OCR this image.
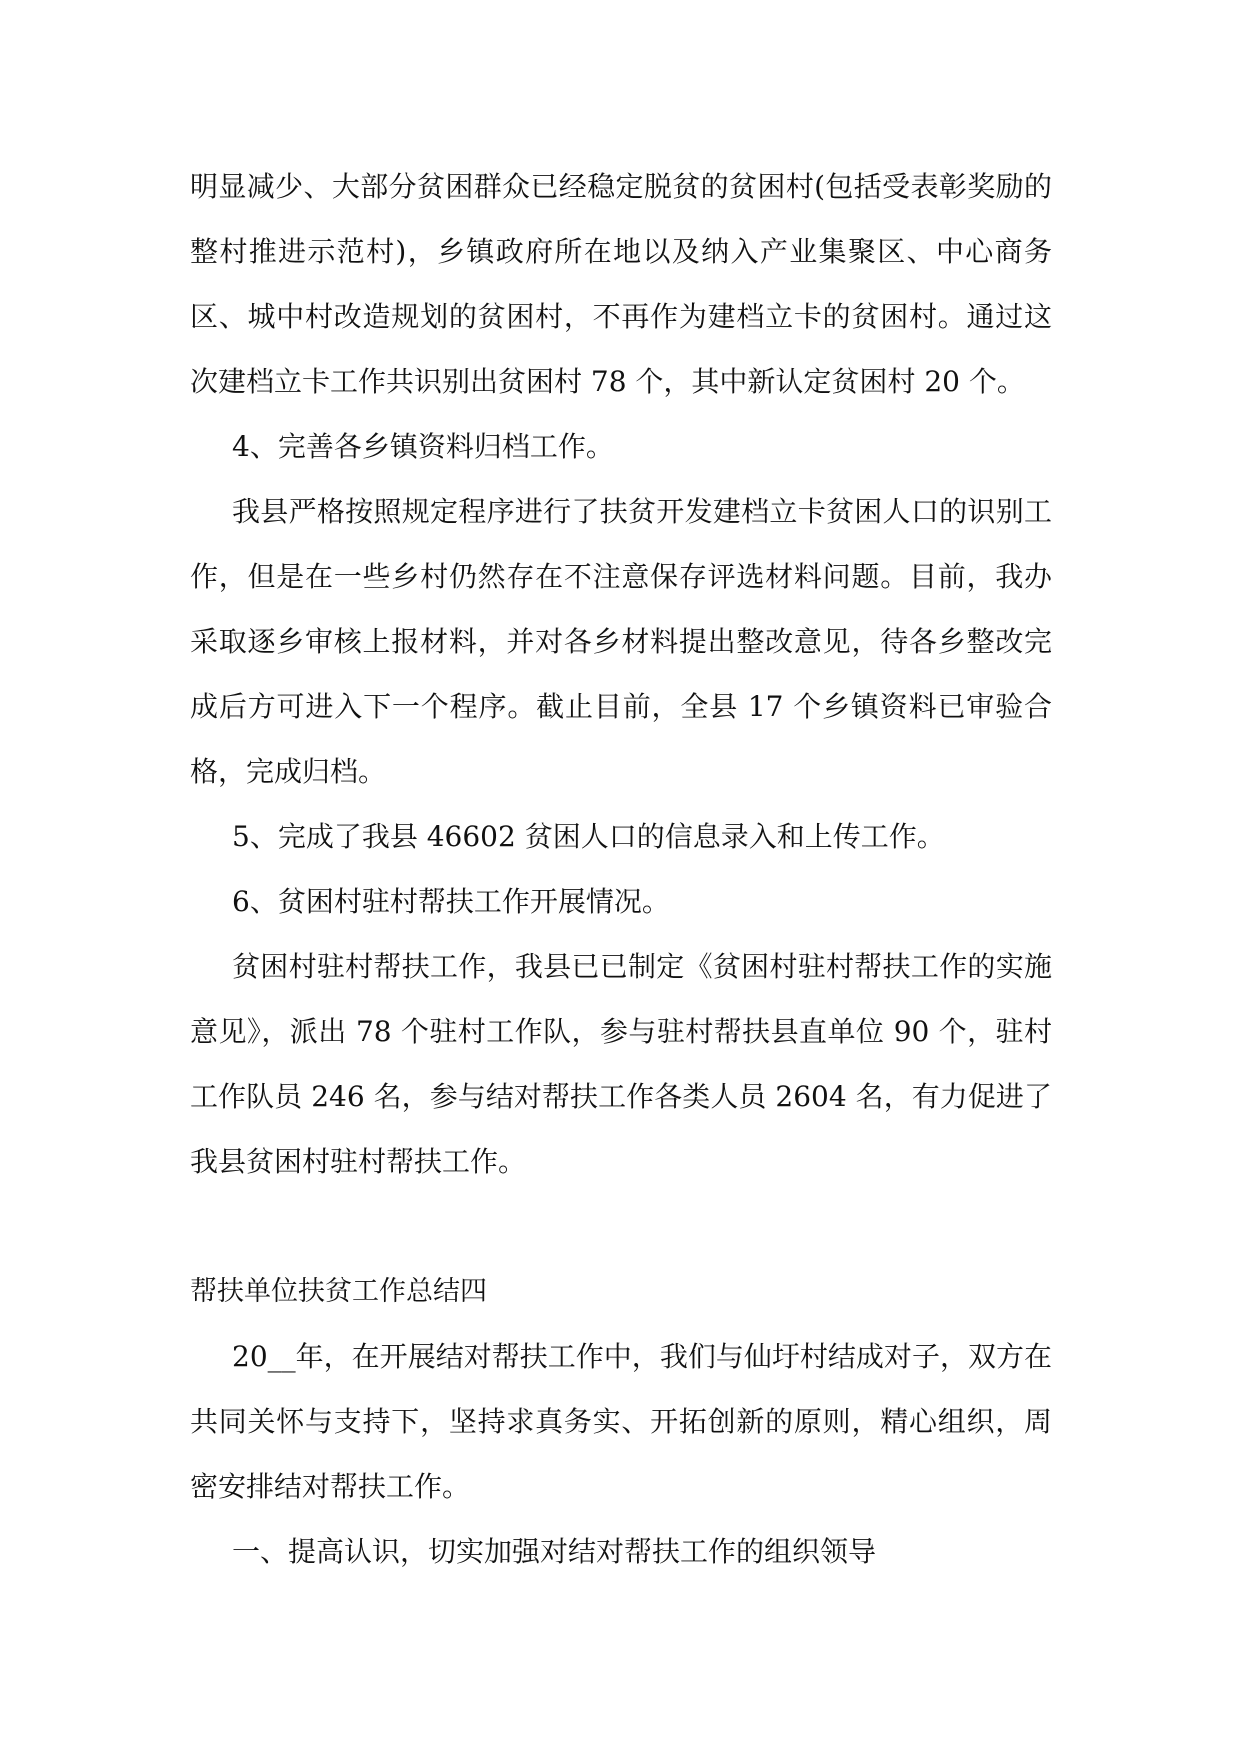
明显减少、大部分贫困群众已经稳定脱贫的贫困村(包括受表彰奖励的整村推进示范村)，乡镇政府所在地以及纳入产业集聚区、中心商务区、城中村改造规划的贫困村，不再作为建档立卡的贫困村。通过这次建档立卡工作共识别出贫困村 78 个，其中新认定贫困村 20 个。

4、完善各乡镇资料归档工作。

我县严格按照规定程序进行了扶贫开发建档立卡贫困人口的识别工作，但是在一些乡村仍然存在不注意保存评选材料问题。目前，我办采取逐乡审核上报材料，并对各乡材料提出整改意见，待各乡整改完成后方可进入下一个程序。截止目前，全县 17 个乡镇资料已审验合格，完成归档。

5、完成了我县 46602 贫困人口的信息录入和上传工作。

6、贫困村驻村帮扶工作开展情况。

贫困村驻村帮扶工作，我县已已制定《贫困村驻村帮扶工作的实施意见》，派出 78 个驻村工作队，参与驻村帮扶县直单位 90 个，驻村工作队员 246 名，参与结对帮扶工作各类人员 2604 名，有力促进了我县贫困村驻村帮扶工作。

帮扶单位扶贫工作总结四

20__年，在开展结对帮扶工作中，我们与仙圩村结成对子，双方在共同关怀与支持下，坚持求真务实、开拓创新的原则，精心组织，周密安排结对帮扶工作。

一、提高认识，切实加强对结对帮扶工作的组织领导
